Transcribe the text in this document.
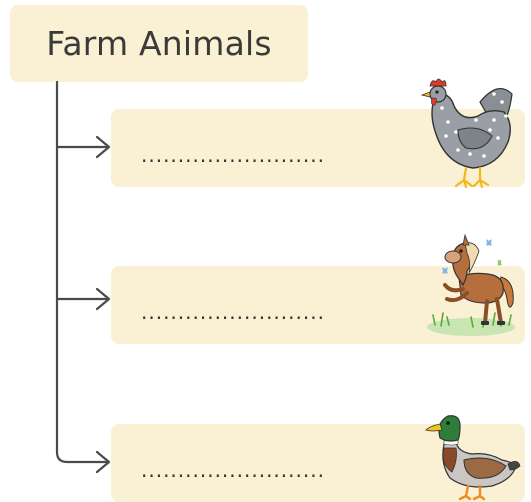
Farm Animals
.........................
.........................
.........................
